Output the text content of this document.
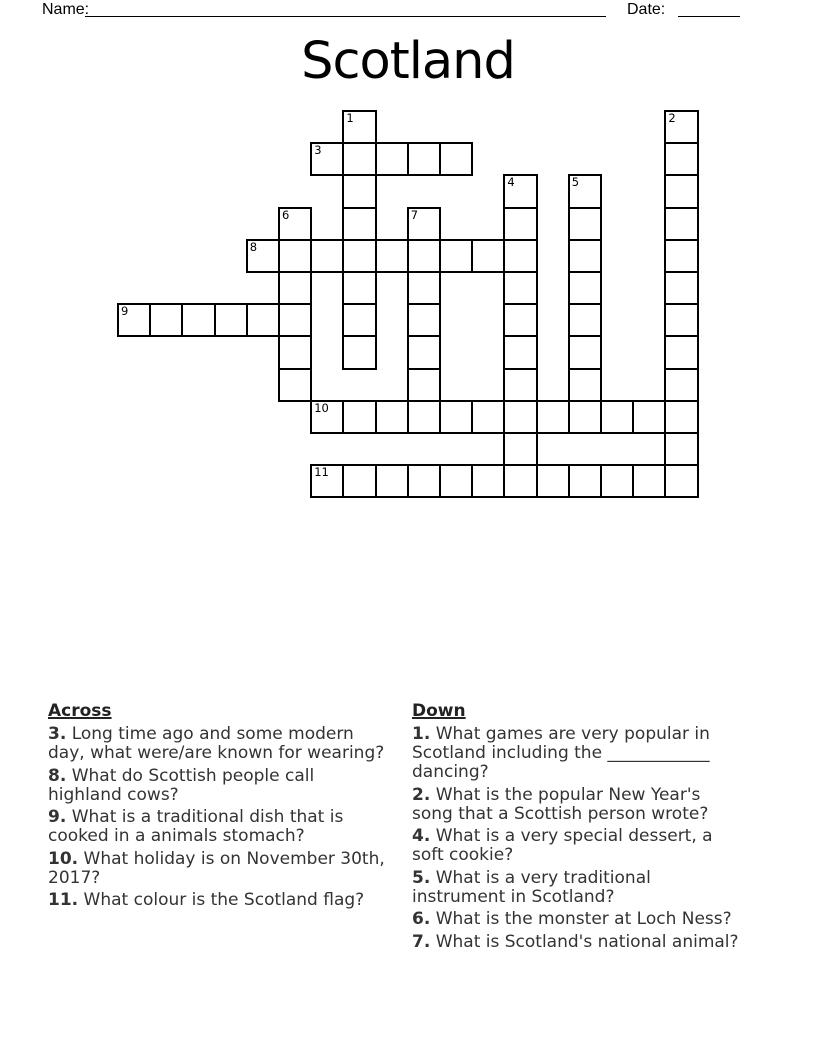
Name:	Date:
Scotland
1	2
3
4	5
6	7
8
9
10
11
Across
3. Long time ago and some modern
day, what were/are known for wearing?
8. What do Scottish people call
highland cows?
9. What is a traditional dish that is
cooked in a animals stomach?
10. What holiday is on November 30th,
2017?
11. What colour is the Scotland flag?
Down
1. What games are very popular in
Scotland including the ____________
dancing?
2. What is the popular New Year's
song that a Scottish person wrote?
4. What is a very special dessert, a
soft cookie?
5. What is a very traditional
instrument in Scotland?
6. What is the monster at Loch Ness?
7. What is Scotland's national animal?
